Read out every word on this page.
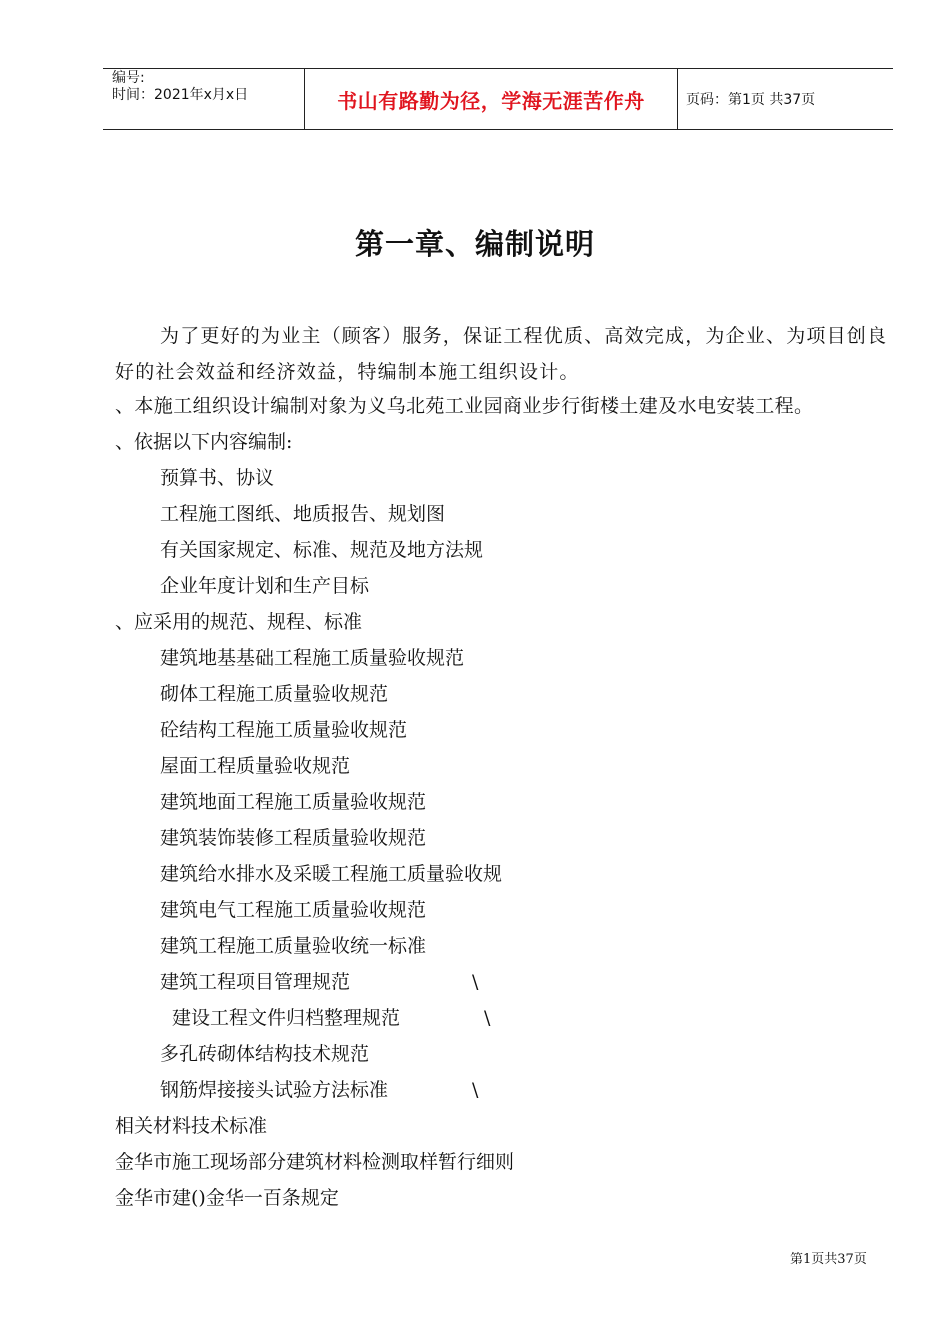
编号:
时间：2021年x月x日	书山有路勤为径，学海无涯苦作舟	页码：第1页 共37页
第一章、编制说明
为了更好的为业主（顾客）服务，保证工程优质、高效完成，为企业、为项目创良好的社会效益和经济效益，特编制本施工组织设计。
、本施工组织设计编制对象为义乌北苑工业园商业步行街楼土建及水电安装工程。
、依据以下内容编制:
预算书、协议
工程施工图纸、地质报告、规划图
有关国家规定、标准、规范及地方法规
企业年度计划和生产目标
、应采用的规范、规程、标准
建筑地基基础工程施工质量验收规范
砌体工程施工质量验收规范
砼结构工程施工质量验收规范
屋面工程质量验收规范
建筑地面工程施工质量验收规范
建筑装饰装修工程质量验收规范
建筑给水排水及采暖工程施工质量验收规
建筑电气工程施工质量验收规范
建筑工程施工质量验收统一标准
建筑工程项目管理规范	\
建设工程文件归档整理规范	\
多孔砖砌体结构技术规范
钢筋焊接接头试验方法标准	\
相关材料技术标准
金华市施工现场部分建筑材料检测取样暂行细则
金华市建()金华一百条规定
第1页共37页
